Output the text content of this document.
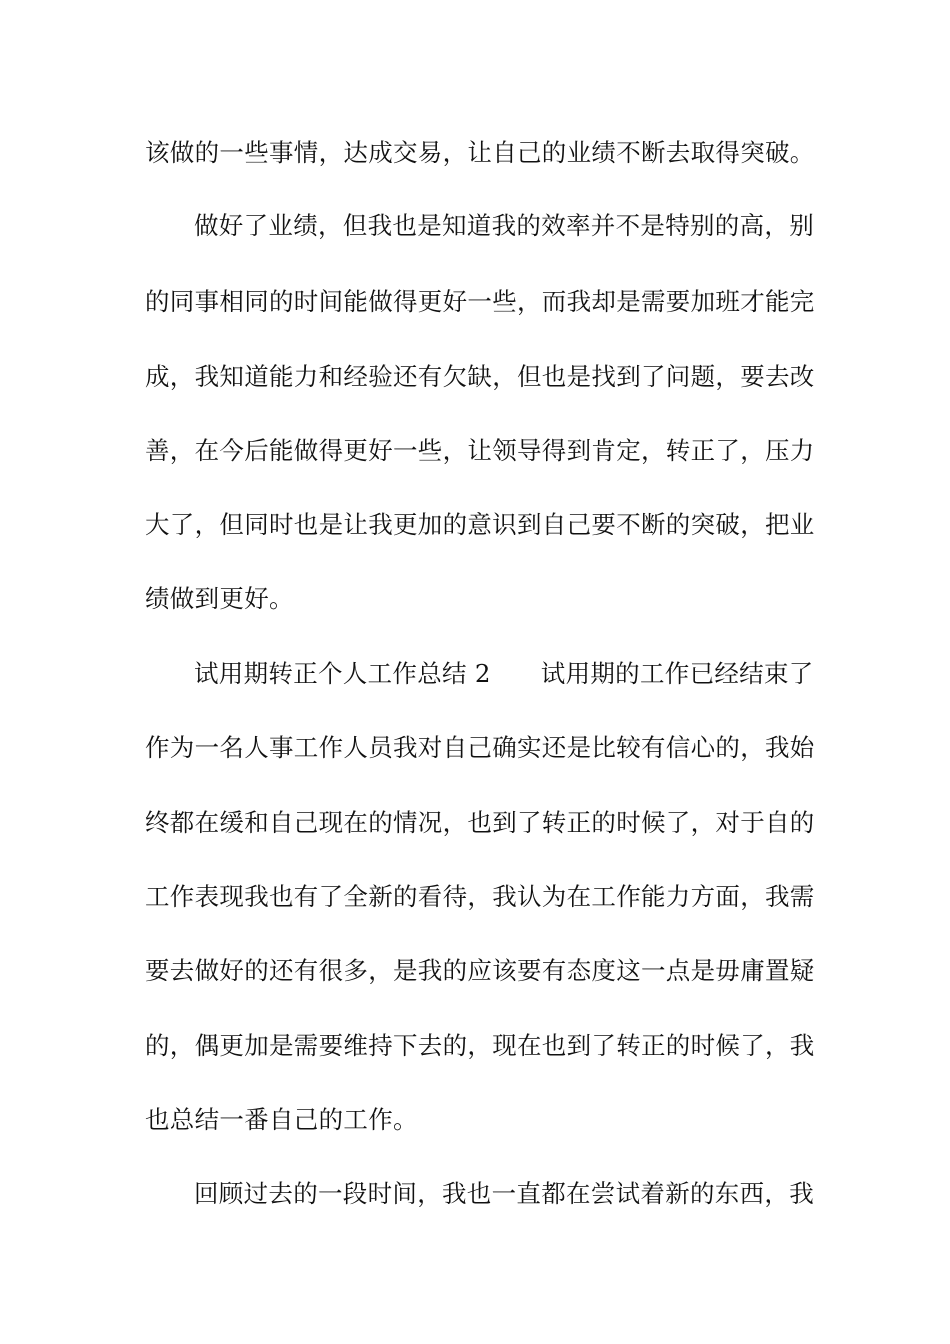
该做的一些事情，达成交易，让自己的业绩不断去取得突破。
做好了业绩，但我也是知道我的效率并不是特别的高，别
的同事相同的时间能做得更好一些，而我却是需要加班才能完
成，我知道能力和经验还有欠缺，但也是找到了问题，要去改
善，在今后能做得更好一些，让领导得到肯定，转正了，压力
大了，但同时也是让我更加的意识到自己要不断的突破，把业
绩做到更好。
试用期转正个人工作总结 2 试用期的工作已经结束了
作为一名人事工作人员我对自己确实还是比较有信心的，我始
终都在缓和自己现在的情况，也到了转正的时候了，对于自的
工作表现我也有了全新的看待，我认为在工作能力方面，我需
要去做好的还有很多，是我的应该要有态度这一点是毋庸置疑
的，偶更加是需要维持下去的，现在也到了转正的时候了，我
也总结一番自己的工作。
回顾过去的一段时间，我也一直都在尝试着新的东西，我
